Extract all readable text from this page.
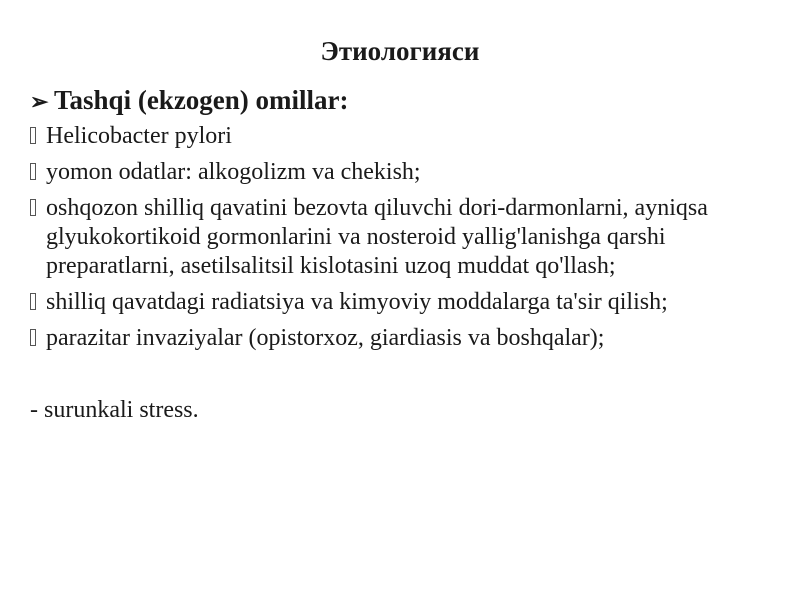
Этиологияси
➢ Tashqi (ekzogen) omillar:
Helicobacter pylori
yomon odatlar: alkogolizm va chekish;
oshqozon shilliq qavatini bezovta qiluvchi dori-darmonlarni, ayniqsa glyukokortikoid gormonlarini va nosteroid yallig'lanishga qarshi preparatlarni, asetilsalitsil kislotasini uzoq muddat qo'llash;
shilliq qavatdagi radiatsiya va kimyoviy moddalarga ta'sir qilish;
parazitar invaziyalar (opistorxoz, giardiasis va boshqalar);
- surunkali stress.
